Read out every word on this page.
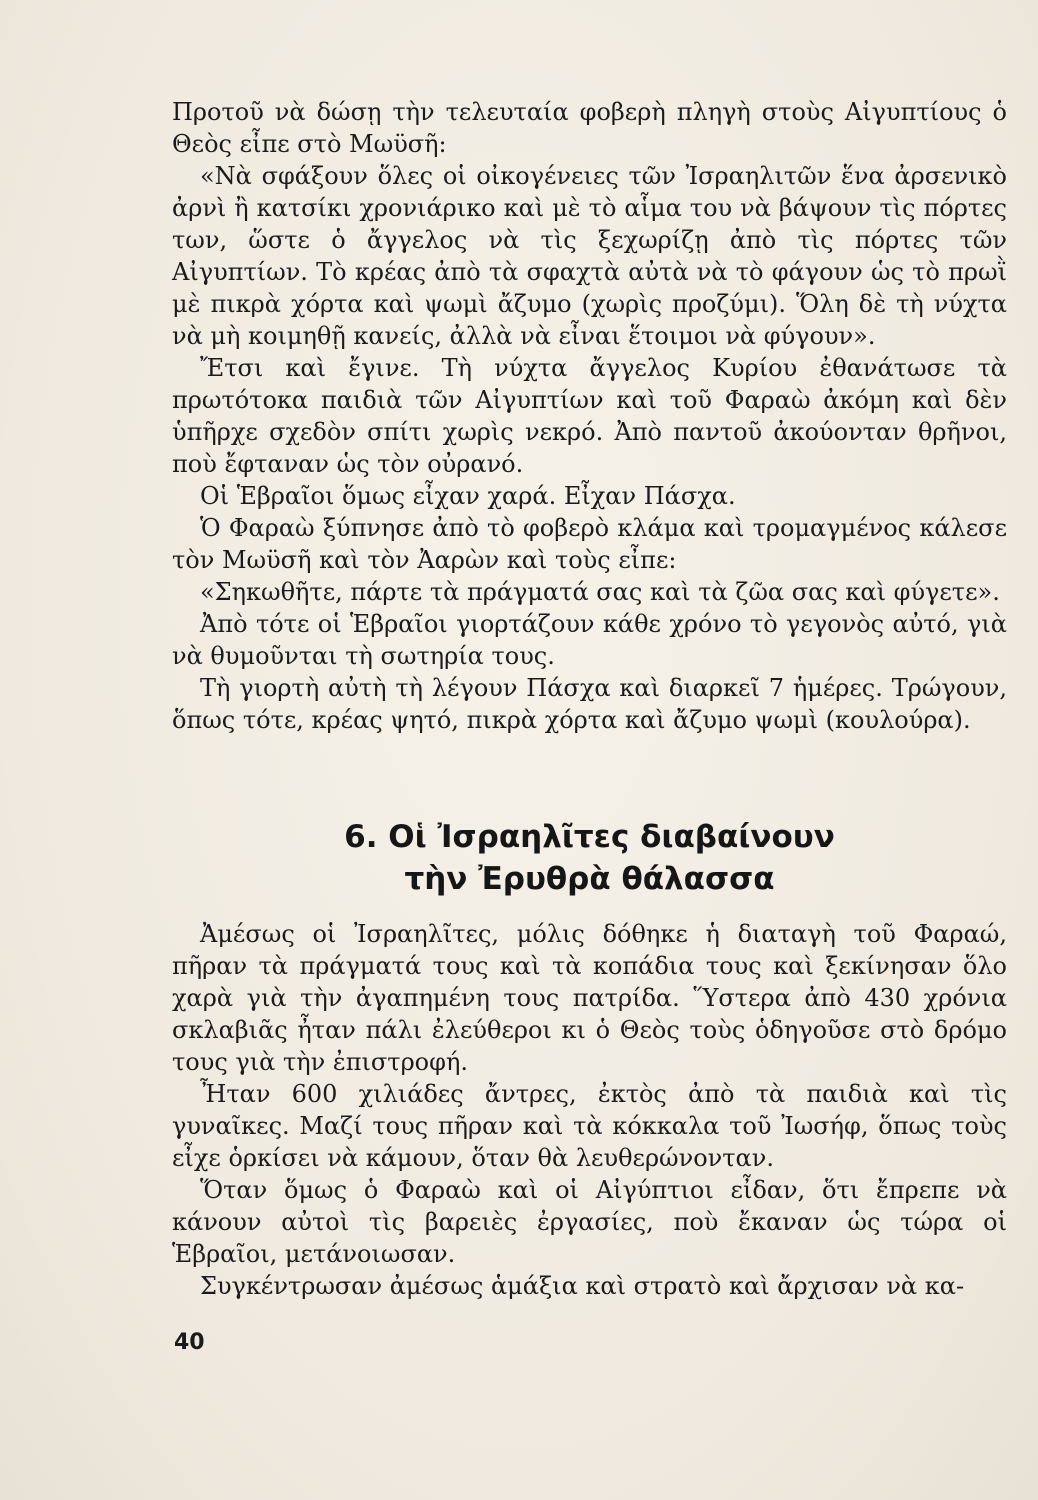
Προτοῦ νὰ δώσῃ τὴν τελευταία φοβερὴ πληγὴ στοὺς Αἰγυπτίους ὁ Θεὸς εἶπε στὸ Μωϋσῆ:

«Νὰ σφάξουν ὅλες οἱ οἰκογένειες τῶν Ἰσραηλιτῶν ἕνα ἀρσενικὸ ἀρνὶ ἢ κατσίκι χρονιάρικο καὶ μὲ τὸ αἷμα του νὰ βάψουν τὶς πόρτες των, ὥστε ὁ ἄγγελος νὰ τὶς ξεχωρίζῃ ἀπὸ τὶς πόρτες τῶν Αἰγυπτίων. Τὸ κρέας ἀπὸ τὰ σφαχτὰ αὐτὰ νὰ τὸ φάγουν ὡς τὸ πρωῒ μὲ πικρὰ χόρτα καὶ ψωμὶ ἄζυμο (χωρὶς προζύμι). Ὅλη δὲ τὴ νύχτα νὰ μὴ κοιμηθῇ κανείς, ἀλλὰ νὰ εἶναι ἕτοιμοι νὰ φύγουν».

Ἔτσι καὶ ἔγινε. Τὴ νύχτα ἄγγελος Κυρίου ἐθανάτωσε τὰ πρωτότοκα παιδιὰ τῶν Αἰγυπτίων καὶ τοῦ Φαραὼ ἀκόμη καὶ δὲν ὑπῆρχε σχεδὸν σπίτι χωρὶς νεκρό. Ἀπὸ παντοῦ ἀκούονταν θρῆνοι, ποὺ ἔφταναν ὡς τὸν οὐρανό.

Οἱ Ἑβραῖοι ὅμως εἶχαν χαρά. Εἶχαν Πάσχα.

Ὁ Φαραὼ ξύπνησε ἀπὸ τὸ φοβερὸ κλάμα καὶ τρομαγμένος κάλεσε τὸν Μωϋσῆ καὶ τὸν Ἀαρὼν καὶ τοὺς εἶπε:

«Σηκωθῆτε, πάρτε τὰ πράγματά σας καὶ τὰ ζῶα σας καὶ φύγετε».

Ἀπὸ τότε οἱ Ἑβραῖοι γιορτάζουν κάθε χρόνο τὸ γεγονὸς αὐτό, γιὰ νὰ θυμοῦνται τὴ σωτηρία τους.

Τὴ γιορτὴ αὐτὴ τὴ λέγουν Πάσχα καὶ διαρκεῖ 7 ἡμέρες. Τρώγουν, ὅπως τότε, κρέας ψητό, πικρὰ χόρτα καὶ ἄζυμο ψωμὶ (κουλούρα).

6. Οἱ Ἰσραηλῖτες διαβαίνουν
τὴν Ἐρυθρὰ θάλασσα

Ἀμέσως οἱ Ἰσραηλῖτες, μόλις δόθηκε ἡ διαταγὴ τοῦ Φαραώ, πῆραν τὰ πράγματά τους καὶ τὰ κοπάδια τους καὶ ξεκίνησαν ὅλο χαρὰ γιὰ τὴν ἀγαπημένη τους πατρίδα. Ὕστερα ἀπὸ 430 χρόνια σκλαβιᾶς ἦταν πάλι ἐλεύθεροι κι ὁ Θεὸς τοὺς ὁδηγοῦσε στὸ δρόμο τους γιὰ τὴν ἐπιστροφή.

Ἦταν 600 χιλιάδες ἄντρες, ἐκτὸς ἀπὸ τὰ παιδιὰ καὶ τὶς γυναῖκες. Μαζί τους πῆραν καὶ τὰ κόκκαλα τοῦ Ἰωσήφ, ὅπως τοὺς εἶχε ὁρκίσει νὰ κάμουν, ὅταν θὰ λευθερώνονταν.

Ὅταν ὅμως ὁ Φαραὼ καὶ οἱ Αἰγύπτιοι εἶδαν, ὅτι ἔπρεπε νὰ κάνουν αὐτοὶ τὶς βαρειὲς ἐργασίες, ποὺ ἔκαναν ὡς τώρα οἱ Ἑβραῖοι, μετάνοιωσαν.

Συγκέντρωσαν ἀμέσως ἁμάξια καὶ στρατὸ καὶ ἄρχισαν νὰ κα-

40
